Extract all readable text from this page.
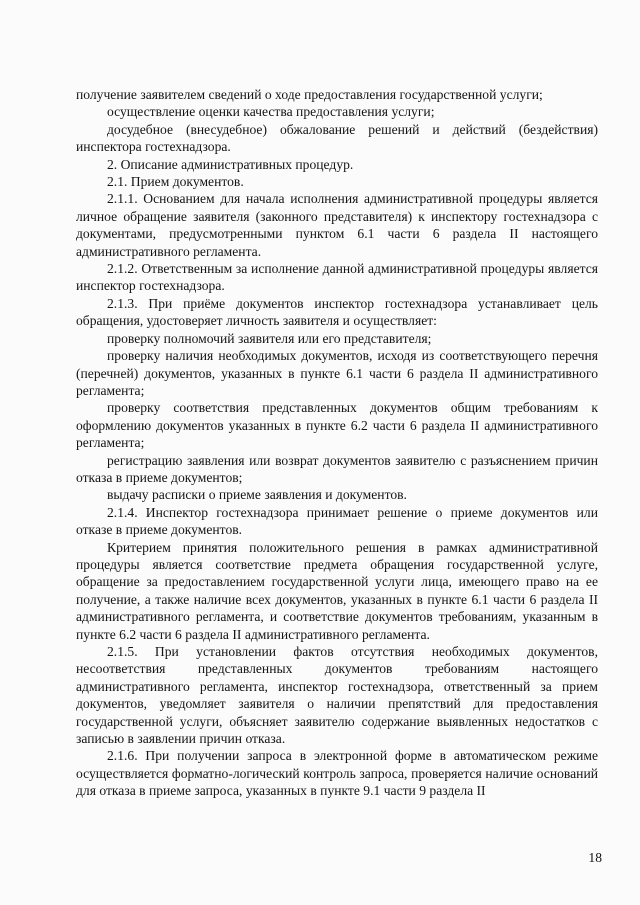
получение заявителем сведений о ходе предоставления государственной услуги;

осуществление оценки качества предоставления услуги;

досудебное (внесудебное) обжалование решений и действий (бездействия) инспектора гостехнадзора.

2. Описание административных процедур.

2.1. Прием документов.

2.1.1. Основанием для начала исполнения административной процедуры является личное обращение заявителя (законного представителя) к инспектору гостехнадзора с документами, предусмотренными пунктом 6.1 части 6 раздела II настоящего административного регламента.

2.1.2. Ответственным за исполнение данной административной процедуры является инспектор гостехнадзора.

2.1.3. При приёме документов инспектор гостехнадзора устанавливает цель обращения, удостоверяет личность заявителя и осуществляет:

проверку полномочий заявителя или его представителя;

проверку наличия необходимых документов, исходя из соответствующего перечня (перечней) документов, указанных в пункте 6.1 части 6 раздела II административного регламента;

проверку соответствия представленных документов общим требованиям к оформлению документов указанных в пункте 6.2 части 6 раздела II административного регламента;

регистрацию заявления или возврат документов заявителю с разъяснением причин отказа в приеме документов;

выдачу расписки о приеме заявления и документов.

2.1.4. Инспектор гостехнадзора принимает решение о приеме документов или отказе в приеме документов.

Критерием принятия положительного решения в рамках административной процедуры является соответствие предмета обращения государственной услуге, обращение за предоставлением государственной услуги лица, имеющего право на ее получение, а также наличие всех документов, указанных в пункте 6.1 части 6 раздела II административного регламента, и соответствие документов требованиям, указанным в пункте 6.2 части 6 раздела II административного регламента.

2.1.5. При установлении фактов отсутствия необходимых документов, несоответствия представленных документов требованиям настоящего административного регламента, инспектор гостехнадзора, ответственный за прием документов, уведомляет заявителя о наличии препятствий для предоставления государственной услуги, объясняет заявителю содержание выявленных недостатков с записью в заявлении причин отказа.

2.1.6. При получении запроса в электронной форме в автоматическом режиме осуществляется форматно-логический контроль запроса, проверяется наличие оснований для отказа в приеме запроса, указанных в пункте 9.1 части 9 раздела II

18
